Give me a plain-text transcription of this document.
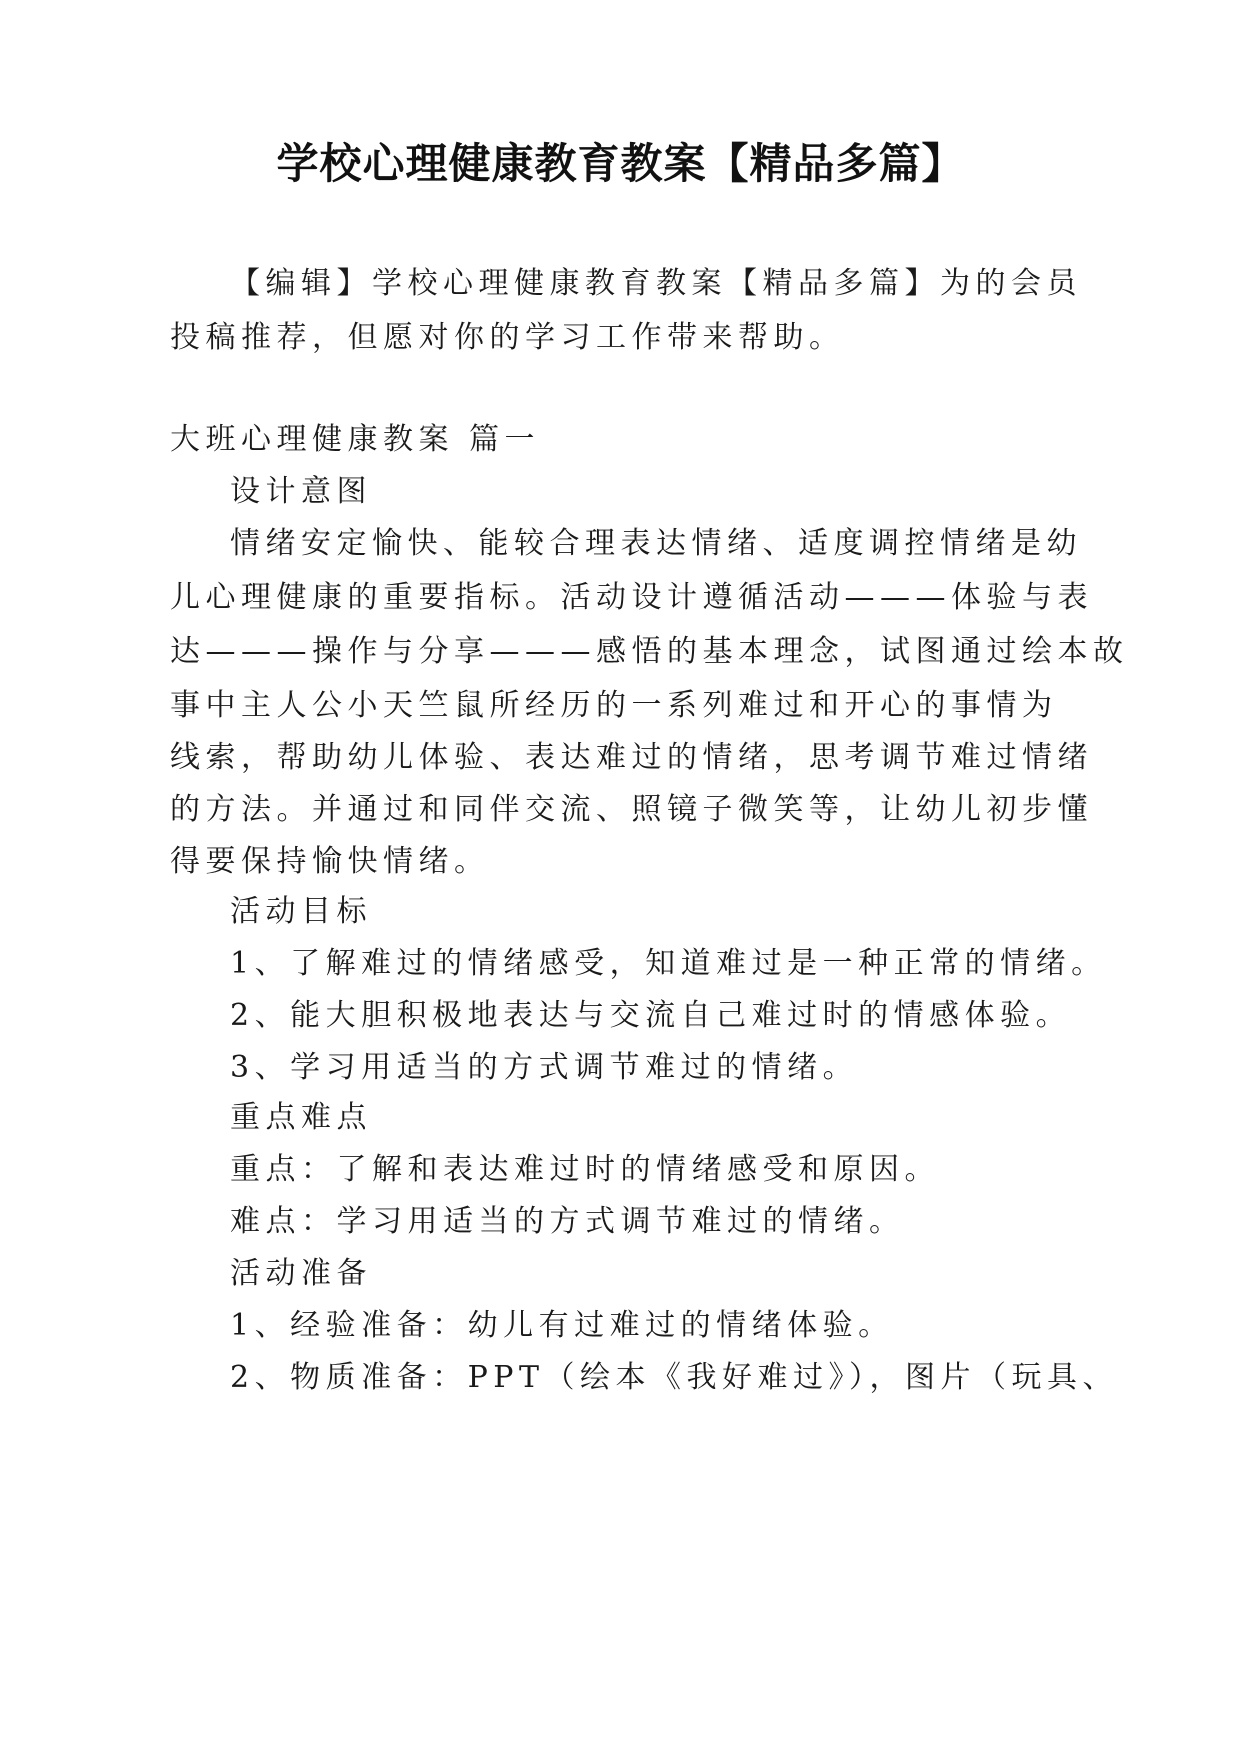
学校心理健康教育教案【精品多篇】
【编辑】学校心理健康教育教案【精品多篇】为的会员
投稿推荐，但愿对你的学习工作带来帮助。
大班心理健康教案 篇一
设计意图
情绪安定愉快、能较合理表达情绪、适度调控情绪是幼
儿心理健康的重要指标。活动设计遵循活动———体验与表
达———操作与分享———感悟的基本理念，试图通过绘本故
事中主人公小天竺鼠所经历的一系列难过和开心的事情为
线索，帮助幼儿体验、表达难过的情绪，思考调节难过情绪
的方法。并通过和同伴交流、照镜子微笑等，让幼儿初步懂
得要保持愉快情绪。
活动目标
1、了解难过的情绪感受，知道难过是一种正常的情绪。
2、能大胆积极地表达与交流自己难过时的情感体验。
3、学习用适当的方式调节难过的情绪。
重点难点
重点：了解和表达难过时的情绪感受和原因。
难点：学习用适当的方式调节难过的情绪。
活动准备
1、经验准备：幼儿有过难过的情绪体验。
2、物质准备：PPT（绘本《我好难过》），图片（玩具、
